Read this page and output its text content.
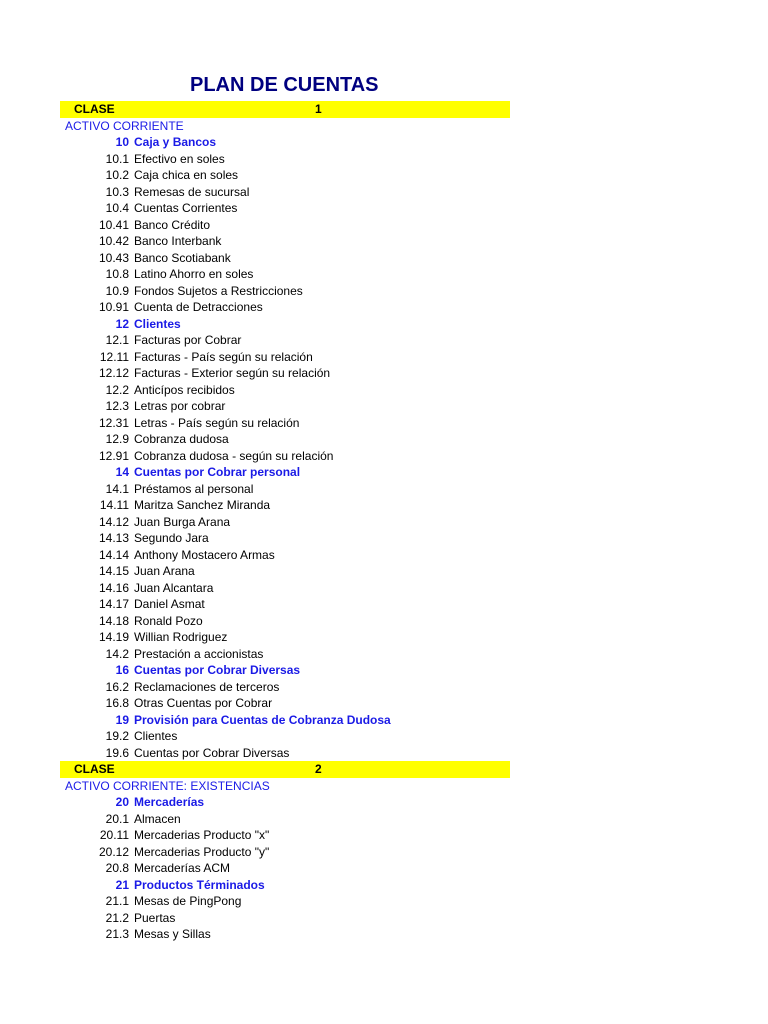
PLAN DE CUENTAS
CLASE	1
ACTIVO CORRIENTE
10 Caja y Bancos
10.1 Efectivo en soles
10.2 Caja chica en soles
10.3 Remesas de sucursal
10.4 Cuentas Corrientes
10.41 Banco Crédito
10.42 Banco Interbank
10.43 Banco Scotiabank
10.8 Latino Ahorro en soles
10.9 Fondos Sujetos a Restricciones
10.91 Cuenta de Detracciones
12 Clientes
12.1 Facturas por Cobrar
12.11 Facturas - País según su relación
12.12 Facturas - Exterior según su relación
12.2 Anticípos recibidos
12.3 Letras por cobrar
12.31 Letras - País según su relación
12.9 Cobranza dudosa
12.91 Cobranza dudosa - según su relación
14 Cuentas por Cobrar personal
14.1 Préstamos al personal
14.11 Maritza Sanchez Miranda
14.12 Juan Burga Arana
14.13 Segundo Jara
14.14 Anthony Mostacero Armas
14.15 Juan Arana
14.16 Juan Alcantara
14.17 Daniel Asmat
14.18 Ronald Pozo
14.19 Willian Rodriguez
14.2 Prestación a accionistas
16 Cuentas por Cobrar Diversas
16.2 Reclamaciones de terceros
16.8 Otras Cuentas por Cobrar
19 Provisión para Cuentas de Cobranza Dudosa
19.2 Clientes
19.6 Cuentas por Cobrar Diversas
CLASE	2
ACTIVO CORRIENTE: EXISTENCIAS
20 Mercaderías
20.1 Almacen
20.11 Mercaderias Producto "x"
20.12 Mercaderias Producto "y"
20.8 Mercaderías ACM
21 Productos Términados
21.1 Mesas de PingPong
21.2 Puertas
21.3 Mesas y Sillas
